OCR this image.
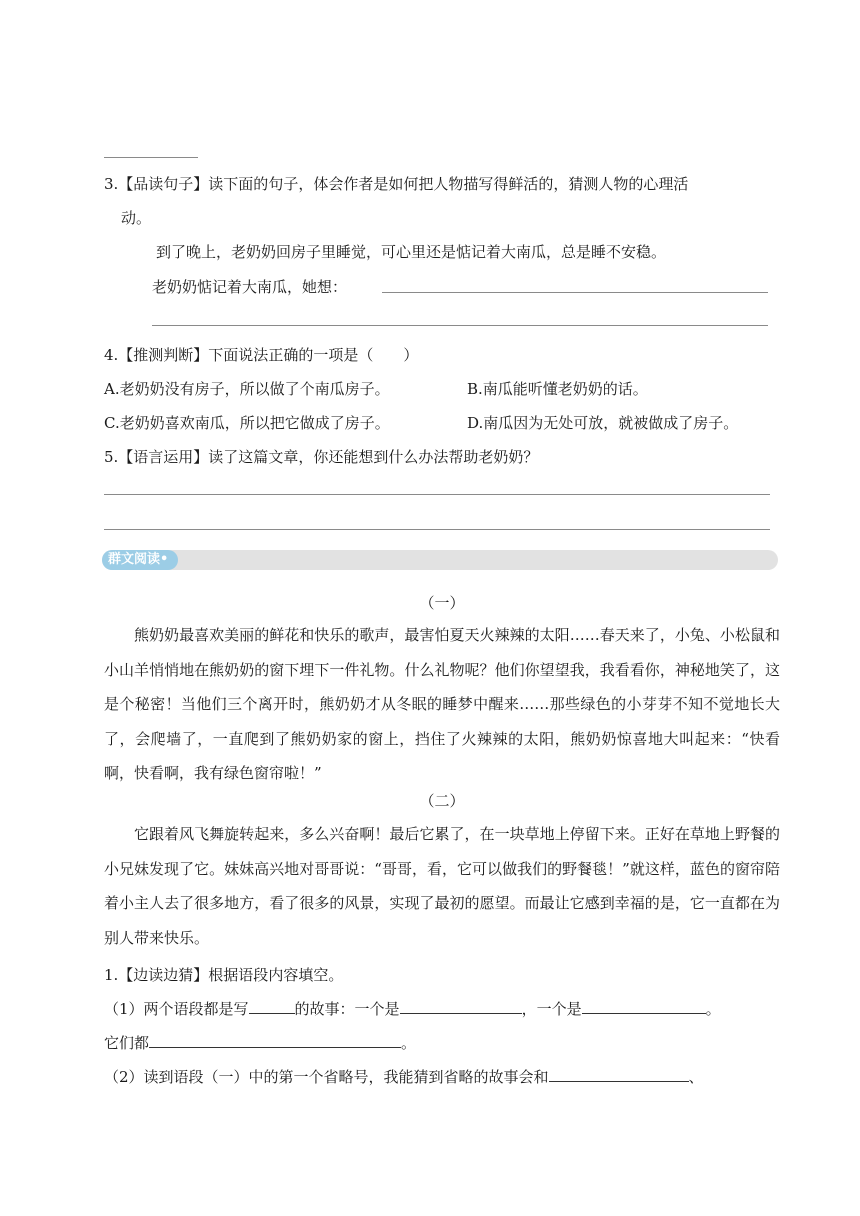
3.【品读句子】读下面的句子，体会作者是如何把人物描写得鲜活的，猜测人物的心理活
动。
到了晚上，老奶奶回房子里睡觉，可心里还是惦记着大南瓜，总是睡不安稳。
老奶奶惦记着大南瓜，她想：
4.【推测判断】下面说法正确的一项是（　　）
A.老奶奶没有房子，所以做了个南瓜房子。	B.南瓜能听懂老奶奶的话。
C.老奶奶喜欢南瓜，所以把它做成了房子。	D.南瓜因为无处可放，就被做成了房子。
5.【语言运用】读了这篇文章，你还能想到什么办法帮助老奶奶？
群文阅读•
（一）
熊奶奶最喜欢美丽的鲜花和快乐的歌声，最害怕夏天火辣辣的太阳……春天来了，小兔、小松鼠和小山羊悄悄地在熊奶奶的窗下埋下一件礼物。什么礼物呢？他们你望望我，我看看你，神秘地笑了，这是个秘密！当他们三个离开时，熊奶奶才从冬眠的睡梦中醒来……那些绿色的小芽芽不知不觉地长大了，会爬墙了，一直爬到了熊奶奶家的窗上，挡住了火辣辣的太阳，熊奶奶惊喜地大叫起来：“快看啊，快看啊，我有绿色窗帘啦！”
（二）
它跟着风飞舞旋转起来，多么兴奋啊！最后它累了，在一块草地上停留下来。正好在草地上野餐的小兄妹发现了它。妹妹高兴地对哥哥说：“哥哥，看，它可以做我们的野餐毯！”就这样，蓝色的窗帘陪着小主人去了很多地方，看了很多的风景，实现了最初的愿望。而最让它感到幸福的是，它一直都在为别人带来快乐。
1.【边读边猜】根据语段内容填空。
（1）两个语段都是写	的故事：一个是	，一个是	。
它们都	。
（2）读到语段（一）中的第一个省略号，我能猜到省略的故事会和	、
